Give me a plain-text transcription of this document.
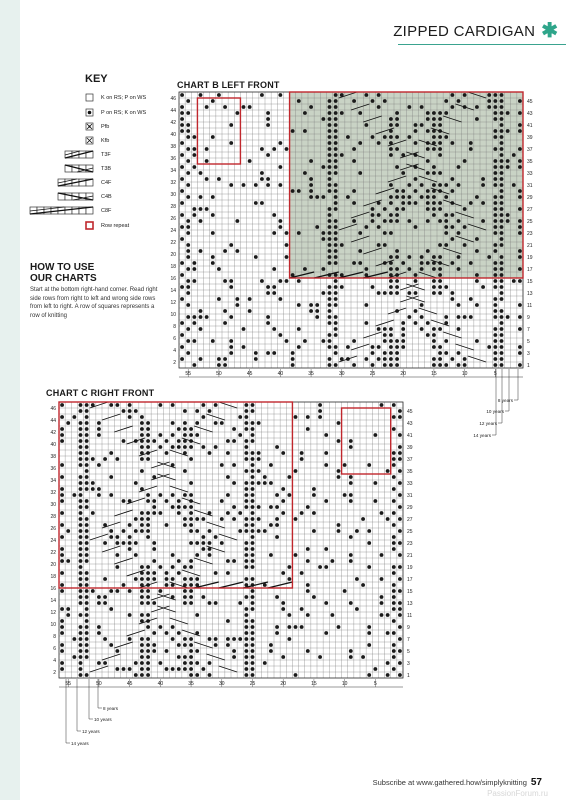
ZIPPED CARDIGAN ✱
KEY
K on RS; P on WS
P on RS; K on WS
Pfb
Kfb
T3F
T3B
C4F
C4B
C8F
Row repeat
HOW TO USE
OUR CHARTS
Start at the bottom right-hand corner. Read right side rows from right to left and wrong side rows from left to right. A row of squares represents a row of knitting
CHART B LEFT FRONT
CHART C RIGHT FRONT
46
44
42
40
38
36
34
32
30
28
26
24
22
20
18
16
14
12
10
8
6
4
2
45
43
41
39
37
35
33
31
29
27
25
23
21
19
17
15
13
11
9
7
5
3
1
55	50	45	40	35	30	25	20	15	10	5
8 years
10 years
12 years
14 years
46
44
42
40
38
36
34
32
30
28
26
24
22
20
18
16
14
12
10
8
6
4
2
45
43
41
39
37
35
33
31
29
27
25
23
21
19
17
15
13
11
9
7
5
3
1
55	50	45	40	35	30	25	20	15	10	5
8 years
10 years
12 years
14 years
Subscribe at www.gathered.how/simplyknitting 57
PassionForum.ru
